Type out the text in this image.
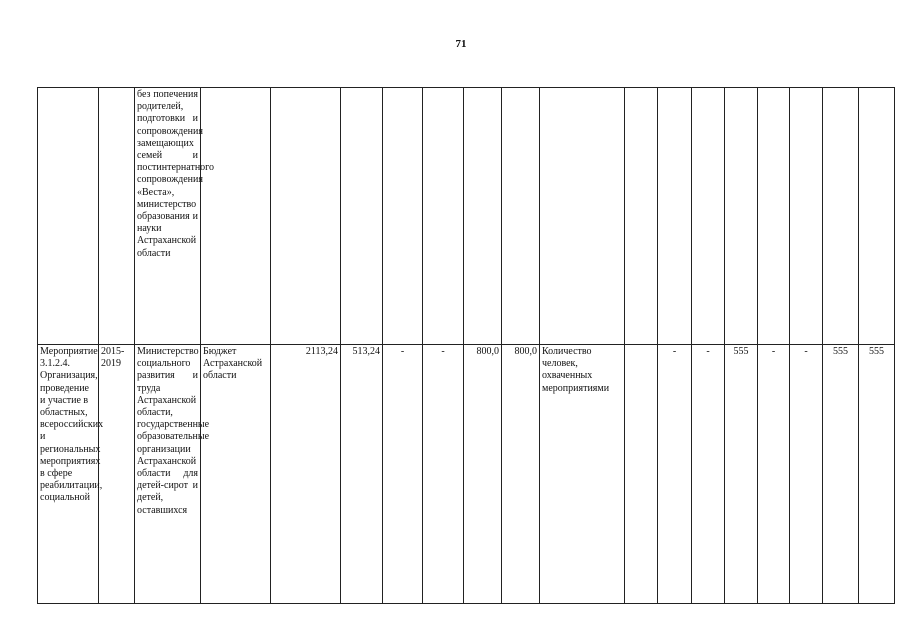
71

		без попечения родителей, подготовки и сопровождения замещающих семей и постинтернатного сопровождения «Веста», министерство образования и науки Астраханской области																

Мероприятие 3.1.2.4. Организация, проведение и участие в областных, всероссийских и региональных мероприятиях в сфере реабилитации, социальной	2015-2019	Министерство социального развития и труда Астраханской области, государственные образовательные организации Астраханской области для детей-сирот и детей, оставшихся	Бюджет Астраханской области	2113,24	513,24	-	-	800,0	800,0	Количество человек, охваченных мероприятиями		-	-	555	-	-	555	555
